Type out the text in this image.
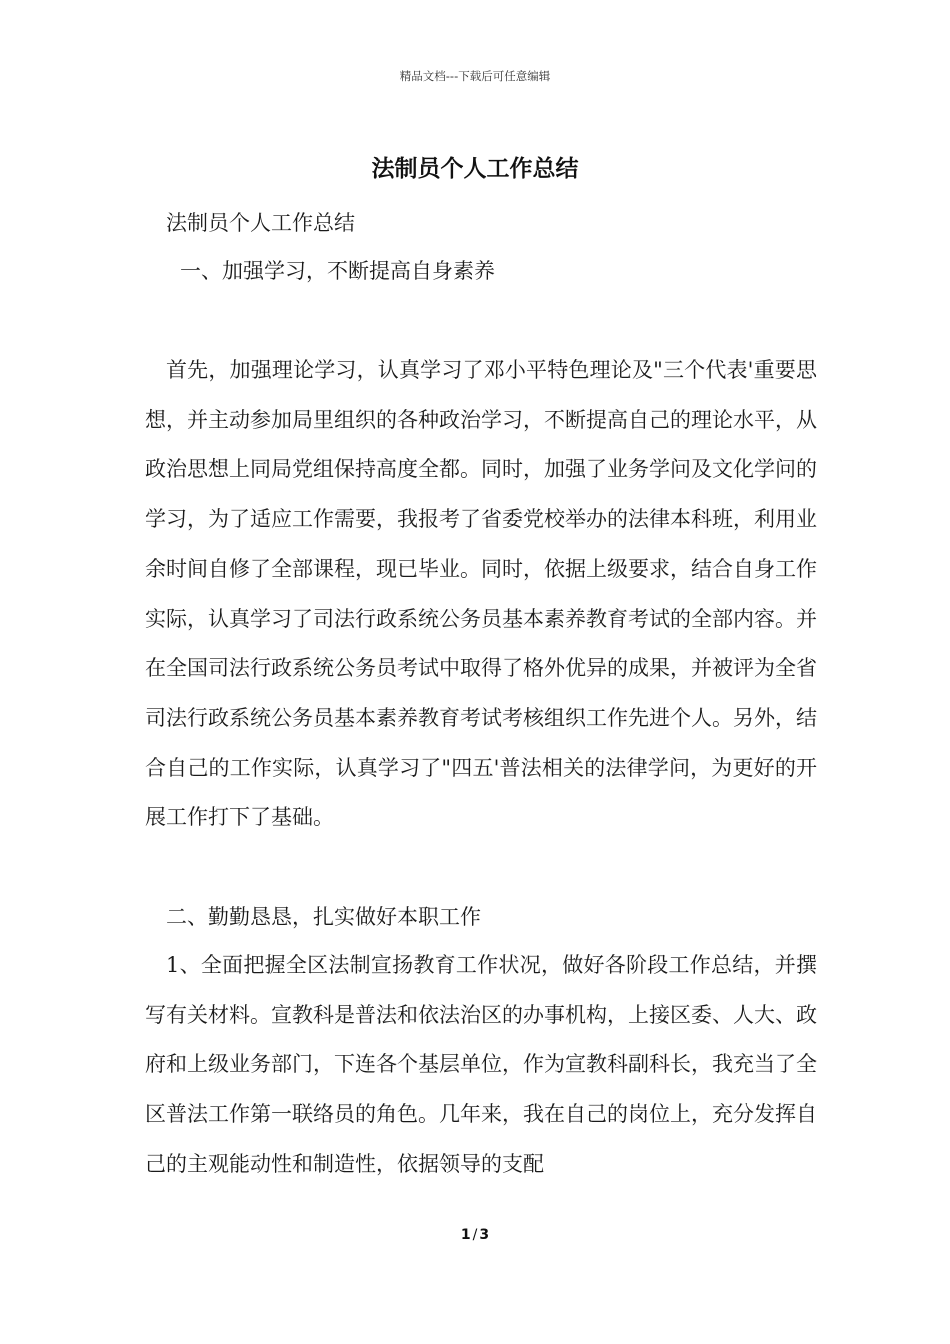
精品文档---下载后可任意编辑
法制员个人工作总结
法制员个人工作总结
一、加强学习，不断提高自身素养

首先，加强理论学习，认真学习了邓小平特色理论及"三个代表'重要思想，并主动参加局里组织的各种政治学习，不断提高自己的理论水平，从政治思想上同局党组保持高度全都。同时，加强了业务学问及文化学问的学习，为了适应工作需要，我报考了省委党校举办的法律本科班，利用业余时间自修了全部课程，现已毕业。同时，依据上级要求，结合自身工作实际，认真学习了司法行政系统公务员基本素养教育考试的全部内容。并在全国司法行政系统公务员考试中取得了格外优异的成果，并被评为全省司法行政系统公务员基本素养教育考试考核组织工作先进个人。另外，结合自己的工作实际，认真学习了"四五'普法相关的法律学问，为更好的开展工作打下了基础。

二、勤勤恳恳，扎实做好本职工作

1、全面把握全区法制宣扬教育工作状况，做好各阶段工作总结，并撰写有关材料。宣教科是普法和依法治区的办事机构，上接区委、人大、政府和上级业务部门，下连各个基层单位，作为宣教科副科长，我充当了全区普法工作第一联络员的角色。几年来，我在自己的岗位上，充分发挥自己的主观能动性和制造性，依据领导的支配

1 / 3
